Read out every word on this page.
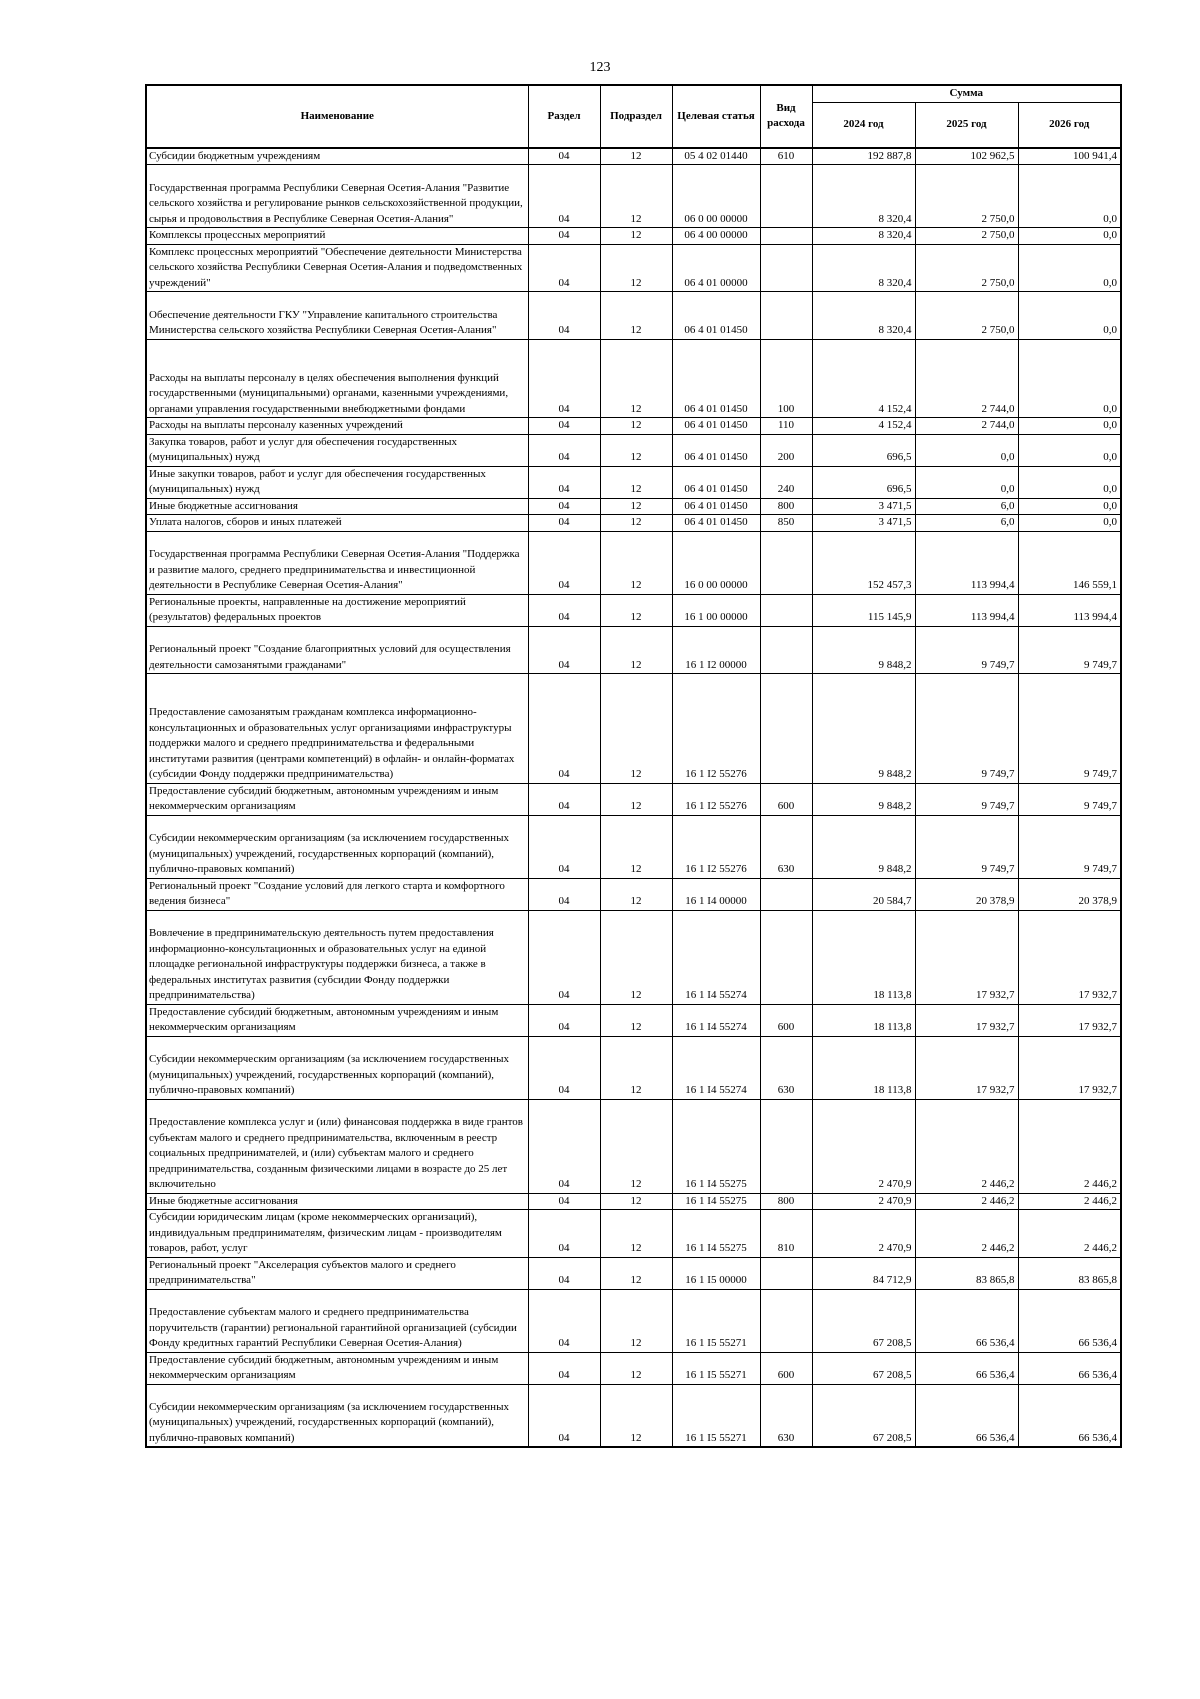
123
Наименование	Раздел	Подраздел	Целевая статья	Вид расхода	Сумма		
					2024 год	2025 год	2026 год
Субсидии бюджетным учреждениям	04	12	05 4 02 01440	610	192 887,8	102 962,5	100 941,4
Государственная программа Республики Северная Осетия-Алания "Развитие сельского хозяйства и регулирование рынков сельскохозяйственной продукции, сырья и продовольствия в Республике Северная Осетия-Алания"	04	12	06 0 00 00000		8 320,4	2 750,0	0,0
Комплексы процессных мероприятий	04	12	06 4 00 00000		8 320,4	2 750,0	0,0
Комплекс процессных мероприятий "Обеспечение деятельности Министерства сельского хозяйства Республики Северная Осетия-Алания и подведомственных учреждений"	04	12	06 4 01 00000		8 320,4	2 750,0	0,0
Обеспечение деятельности ГКУ "Управление капитального строительства Министерства сельского хозяйства Республики Северная Осетия-Алания"	04	12	06 4 01 01450		8 320,4	2 750,0	0,0
Расходы на выплаты персоналу в целях обеспечения выполнения функций государственными (муниципальными) органами, казенными учреждениями, органами управления государственными внебюджетными фондами	04	12	06 4 01 01450	100	4 152,4	2 744,0	0,0
Расходы на выплаты персоналу казенных учреждений	04	12	06 4 01 01450	110	4 152,4	2 744,0	0,0
Закупка товаров, работ и услуг для обеспечения государственных (муниципальных) нужд	04	12	06 4 01 01450	200	696,5	0,0	0,0
Иные закупки товаров, работ и услуг для обеспечения государственных (муниципальных) нужд	04	12	06 4 01 01450	240	696,5	0,0	0,0
Иные бюджетные ассигнования	04	12	06 4 01 01450	800	3 471,5	6,0	0,0
Уплата налогов, сборов и иных платежей	04	12	06 4 01 01450	850	3 471,5	6,0	0,0
Государственная программа Республики Северная Осетия-Алания "Поддержка и развитие малого, среднего предпринимательства и инвестиционной деятельности в Республике Северная Осетия-Алания"	04	12	16 0 00 00000		152 457,3	113 994,4	146 559,1
Региональные проекты, направленные на достижение мероприятий (результатов) федеральных проектов	04	12	16 1 00 00000		115 145,9	113 994,4	113 994,4
Региональный проект "Создание благоприятных условий для осуществления деятельности самозанятыми гражданами"	04	12	16 1 I2 00000		9 848,2	9 749,7	9 749,7
Предоставление самозанятым гражданам комплекса информационно-консультационных и образовательных услуг организациями инфраструктуры поддержки малого и среднего предпринимательства и федеральными институтами развития (центрами компетенций) в офлайн- и онлайн-форматах (субсидии Фонду поддержки предпринимательства)	04	12	16 1 I2 55276		9 848,2	9 749,7	9 749,7
Предоставление субсидий бюджетным, автономным учреждениям и иным некоммерческим организациям	04	12	16 1 I2 55276	600	9 848,2	9 749,7	9 749,7
Субсидии некоммерческим организациям (за исключением государственных (муниципальных) учреждений, государственных корпораций (компаний), публично-правовых компаний)	04	12	16 1 I2 55276	630	9 848,2	9 749,7	9 749,7
Региональный проект "Создание условий для легкого старта и комфортного ведения бизнеса"	04	12	16 1 I4 00000		20 584,7	20 378,9	20 378,9
Вовлечение в предпринимательскую деятельность путем предоставления информационно-консультационных и образовательных услуг на единой площадке региональной инфраструктуры поддержки бизнеса, а также в федеральных институтах развития (субсидии Фонду поддержки предпринимательства)	04	12	16 1 I4 55274		18 113,8	17 932,7	17 932,7
Предоставление субсидий бюджетным, автономным учреждениям и иным некоммерческим организациям	04	12	16 1 I4 55274	600	18 113,8	17 932,7	17 932,7
Субсидии некоммерческим организациям (за исключением государственных (муниципальных) учреждений, государственных корпораций (компаний), публично-правовых компаний)	04	12	16 1 I4 55274	630	18 113,8	17 932,7	17 932,7
Предоставление комплекса услуг и (или) финансовая поддержка в виде грантов субъектам малого и среднего предпринимательства, включенным в реестр социальных предпринимателей, и (или) субъектам малого и среднего предпринимательства, созданным физическими лицами в возрасте до 25 лет включительно	04	12	16 1 I4 55275		2 470,9	2 446,2	2 446,2
Иные бюджетные ассигнования	04	12	16 1 I4 55275	800	2 470,9	2 446,2	2 446,2
Субсидии юридическим лицам (кроме некоммерческих организаций), индивидуальным предпринимателям, физическим лицам - производителям товаров, работ, услуг	04	12	16 1 I4 55275	810	2 470,9	2 446,2	2 446,2
Региональный проект "Акселерация субъектов малого и среднего предпринимательства"	04	12	16 1 I5 00000		84 712,9	83 865,8	83 865,8
Предоставление субъектам малого и среднего предпринимательства поручительств (гарантии) региональной гарантийной организацией (субсидии Фонду кредитных гарантий Республики Северная Осетия-Алания)	04	12	16 1 I5 55271		67 208,5	66 536,4	66 536,4
Предоставление субсидий бюджетным, автономным учреждениям и иным некоммерческим организациям	04	12	16 1 I5 55271	600	67 208,5	66 536,4	66 536,4
Субсидии некоммерческим организациям (за исключением государственных (муниципальных) учреждений, государственных корпораций (компаний), публично-правовых компаний)	04	12	16 1 I5 55271	630	67 208,5	66 536,4	66 536,4
